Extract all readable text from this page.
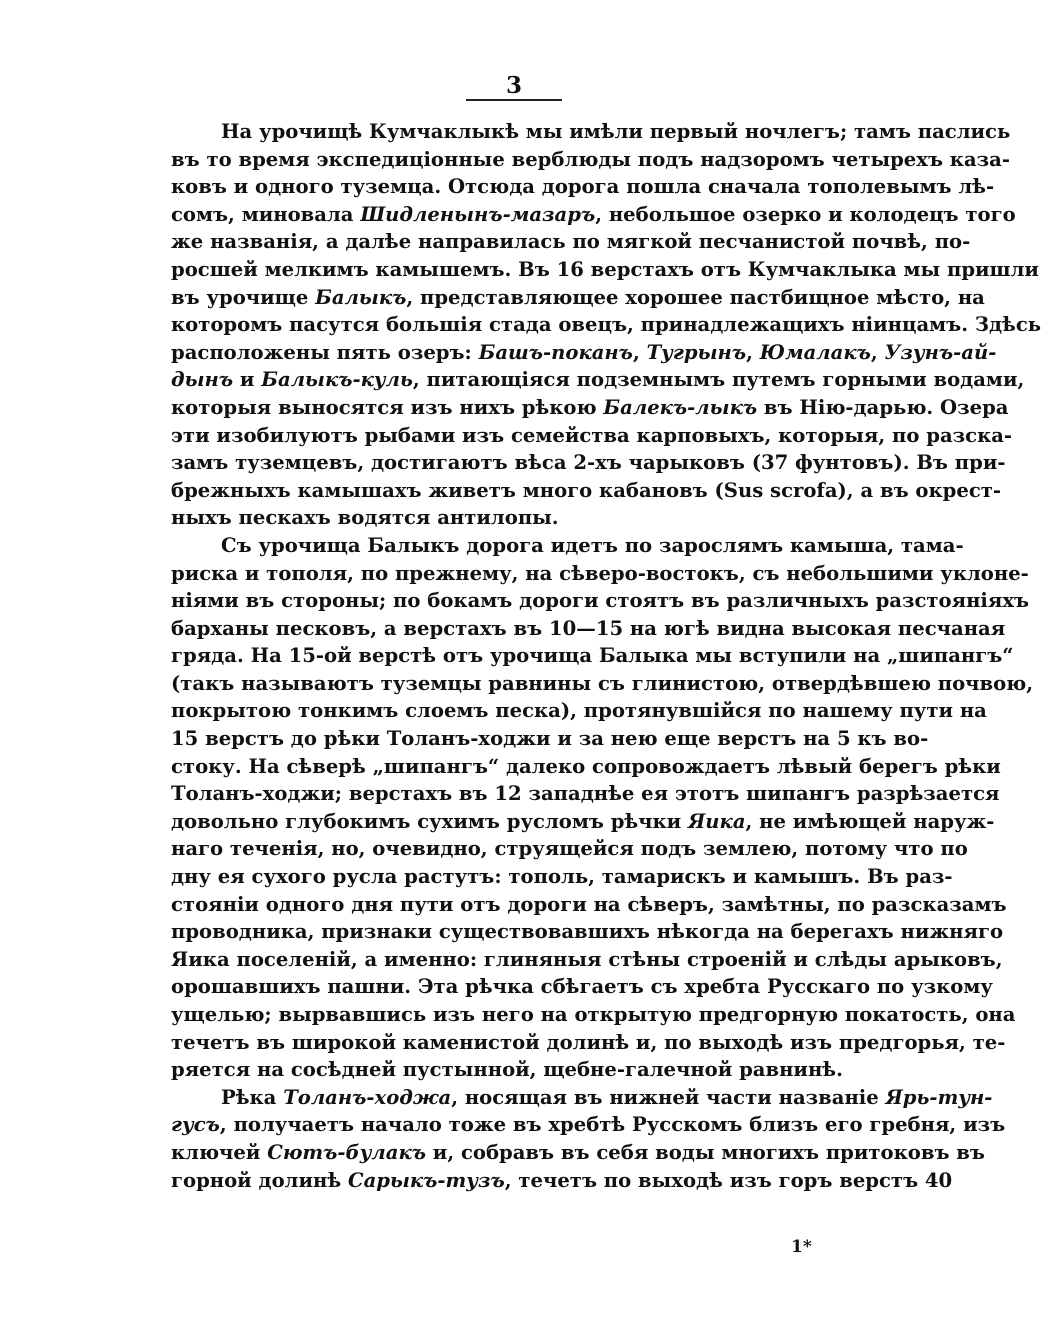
3
На урочищѣ Кумчаклыкѣ мы имѣли первый ночлегъ; тамъ паслись
въ то время экспедиціонные верблюды подъ надзоромъ четырехъ каза-
ковъ и одного туземца. Отсюда дорога пошла сначала тополевымъ лѣ-
сомъ, миновала Шидленынъ-мазаръ, небольшое озерко и колодецъ того
же названія, а далѣе направилась по мягкой песчанистой почвѣ, по-
росшей мелкимъ камышемъ. Въ 16 верстахъ отъ Кумчаклыка мы пришли
въ урочище Балыкъ, представляющее хорошее пастбищное мѣсто, на
которомъ пасутся большія стада овецъ, принадлежащихъ ніинцамъ. Здѣсь
расположены пять озеръ: Башъ-поканъ, Тугрынъ, Юмалакъ, Узунъ-ай-
дынъ и Балыкъ-куль, питающіяся подземнымъ путемъ горными водами,
которыя выносятся изъ нихъ рѣкою Балекъ-лыкъ въ Нію-дарью. Озера
эти изобилуютъ рыбами изъ семейства карповыхъ, которыя, по разска-
замъ туземцевъ, достигаютъ вѣса 2-хъ чарыковъ (37 фунтовъ). Въ при-
брежныхъ камышахъ живетъ много кабановъ (Sus scrofa), а въ окрест-
ныхъ пескахъ водятся антилопы.
Съ урочища Балыкъ дорога идетъ по зарослямъ камыша, тама-
риска и тополя, по прежнему, на сѣверо-востокъ, съ небольшими уклоне-
ніями въ стороны; по бокамъ дороги стоятъ въ различныхъ разстояніяхъ
барханы песковъ, а верстахъ въ 10—15 на югѣ видна высокая песчаная
гряда. На 15-ой верстѣ отъ урочища Балыка мы вступили на „шипангъ“
(такъ называютъ туземцы равнины съ глинистою, отвердѣвшею почвою,
покрытою тонкимъ слоемъ песка), протянувшійся по нашему пути на
15 верстъ до рѣки Толанъ-ходжи и за нею еще верстъ на 5 къ во-
стоку. На сѣверѣ „шипангъ“ далеко сопровождаетъ лѣвый берегъ рѣки
Толанъ-ходжи; верстахъ въ 12 западнѣе ея этотъ шипангъ разрѣзается
довольно глубокимъ сухимъ русломъ рѣчки Яика, не имѣющей наруж-
наго теченія, но, очевидно, струящейся подъ землею, потому что по
дну ея сухого русла растутъ: тополь, тамарискъ и камышъ. Въ раз-
стояніи одного дня пути отъ дороги на сѣверъ, замѣтны, по разсказамъ
проводника, признаки существовавшихъ нѣкогда на берегахъ нижняго
Яика поселеній, а именно: глиняныя стѣны строеній и слѣды арыковъ,
орошавшихъ пашни. Эта рѣчка сбѣгаетъ съ хребта Русскаго по узкому
ущелью; вырвавшись изъ него на открытую предгорную покатость, она
течетъ въ широкой каменистой долинѣ и, по выходѣ изъ предгорья, те-
ряется на сосѣдней пустынной, щебне-галечной равнинѣ.
Рѣка Толанъ-ходжа, носящая въ нижней части названіе Ярь-тун-
гусъ, получаетъ начало тоже въ хребтѣ Русскомъ близъ его гребня, изъ
ключей Сютъ-булакъ и, собравъ въ себя воды многихъ притоковъ въ
горной долинѣ Сарыкъ-тузъ, течетъ по выходѣ изъ горъ верстъ 40
1*
